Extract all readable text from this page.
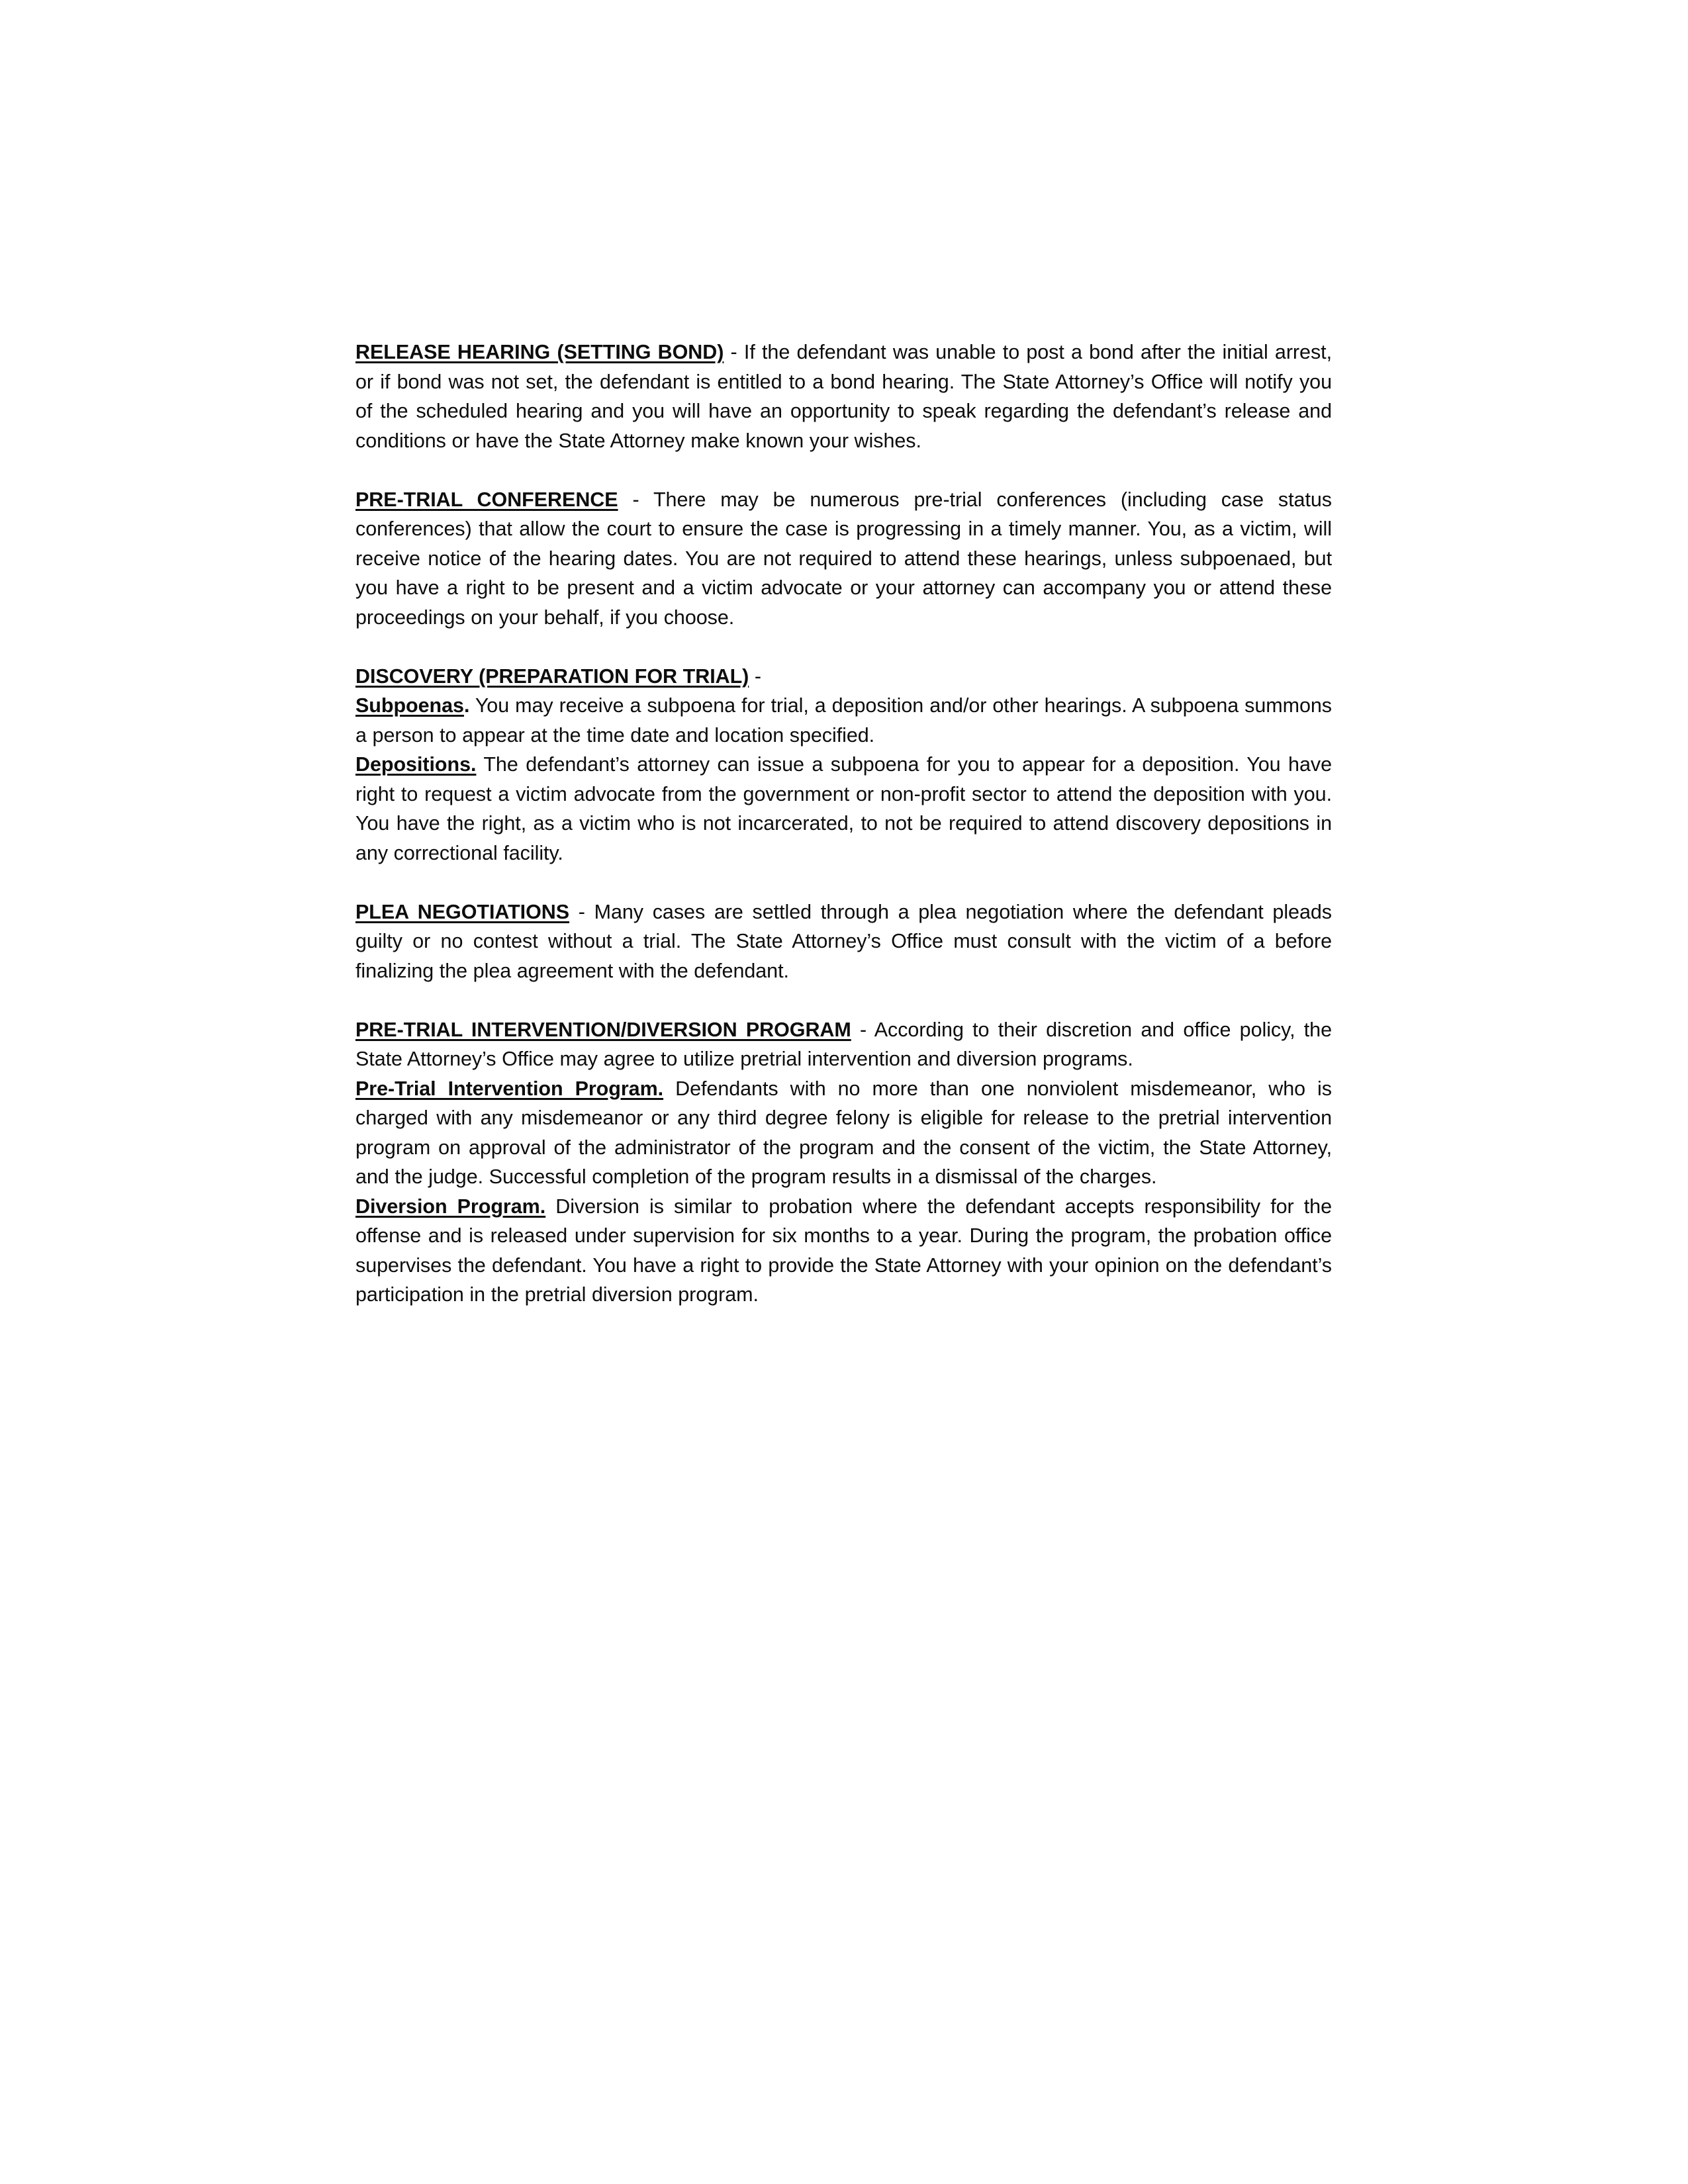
RELEASE HEARING (SETTING BOND) - If the defendant was unable to post a bond after the initial arrest, or if bond was not set, the defendant is entitled to a bond hearing. The State Attorney’s Office will notify you of the scheduled hearing and you will have an opportunity to speak regarding the defendant’s release and conditions or have the State Attorney make known your wishes.

PRE-TRIAL CONFERENCE - There may be numerous pre-trial conferences (including case status conferences) that allow the court to ensure the case is progressing in a timely manner. You, as a victim, will receive notice of the hearing dates. You are not required to attend these hearings, unless subpoenaed, but you have a right to be present and a victim advocate or your attorney can accompany you or attend these proceedings on your behalf, if you choose.

DISCOVERY (PREPARATION FOR TRIAL) -

Subpoenas. You may receive a subpoena for trial, a deposition and/or other hearings. A subpoena summons a person to appear at the time date and location specified.

Depositions. The defendant’s attorney can issue a subpoena for you to appear for a deposition. You have right to request a victim advocate from the government or non-profit sector to attend the deposition with you. You have the right, as a victim who is not incarcerated, to not be required to attend discovery depositions in any correctional facility.

PLEA NEGOTIATIONS - Many cases are settled through a plea negotiation where the defendant pleads guilty or no contest without a trial. The State Attorney’s Office must consult with the victim of a before finalizing the plea agreement with the defendant.

PRE-TRIAL INTERVENTION/DIVERSION PROGRAM - According to their discretion and office policy, the State Attorney’s Office may agree to utilize pretrial intervention and diversion programs.

Pre-Trial Intervention Program. Defendants with no more than one nonviolent misdemeanor, who is charged with any misdemeanor or any third degree felony is eligible for release to the pretrial intervention program on approval of the administrator of the program and the consent of the victim, the State Attorney, and the judge. Successful completion of the program results in a dismissal of the charges.

Diversion Program. Diversion is similar to probation where the defendant accepts responsibility for the offense and is released under supervision for six months to a year. During the program, the probation office supervises the defendant. You have a right to provide the State Attorney with your opinion on the defendant’s participation in the pretrial diversion program.
